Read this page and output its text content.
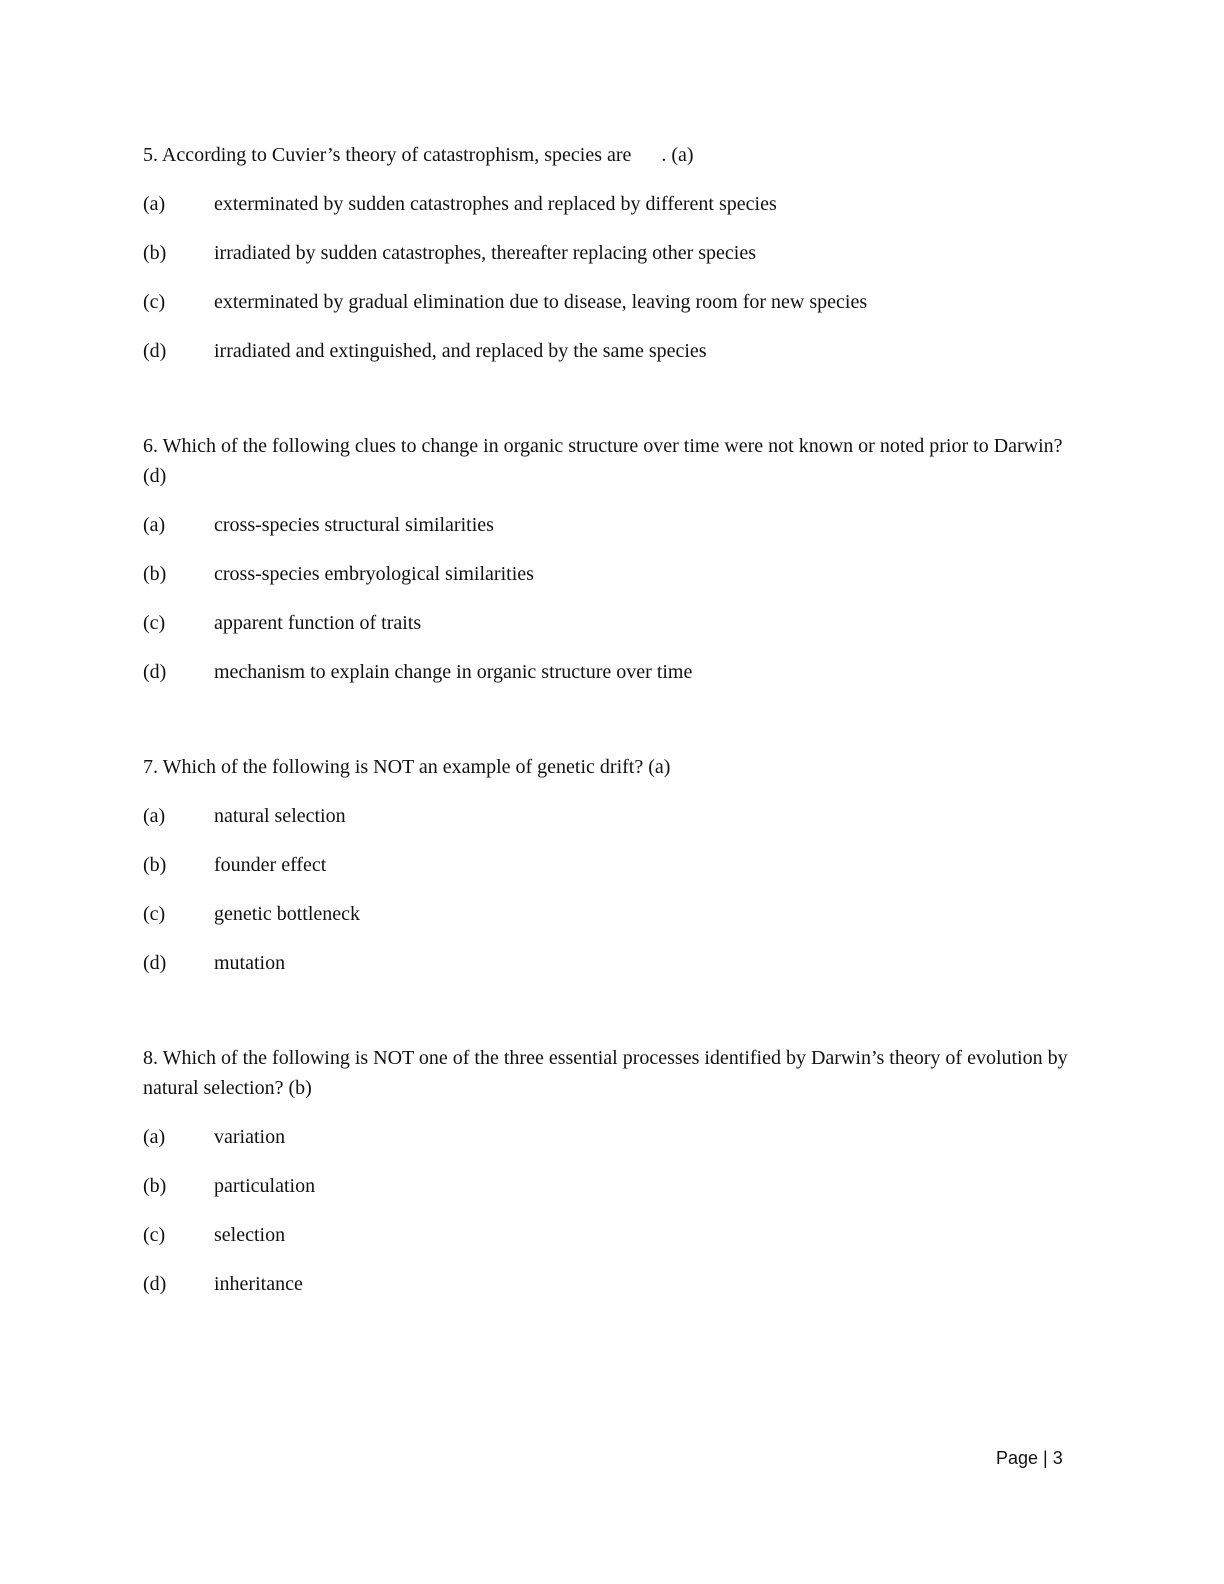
5. According to Cuvier’s theory of catastrophism, species are . (a)

(a) exterminated by sudden catastrophes and replaced by different species
(b) irradiated by sudden catastrophes, thereafter replacing other species
(c) exterminated by gradual elimination due to disease, leaving room for new species
(d) irradiated and extinguished, and replaced by the same species

6. Which of the following clues to change in organic structure over time were not known or noted prior to Darwin? (d)

(a) cross-species structural similarities
(b) cross-species embryological similarities
(c) apparent function of traits
(d) mechanism to explain change in organic structure over time

7. Which of the following is NOT an example of genetic drift? (a)

(a) natural selection
(b) founder effect
(c) genetic bottleneck
(d) mutation

8. Which of the following is NOT one of the three essential processes identified by Darwin’s theory of evolution by natural selection? (b)

(a) variation
(b) particulation
(c) selection
(d) inheritance
Page | 3
